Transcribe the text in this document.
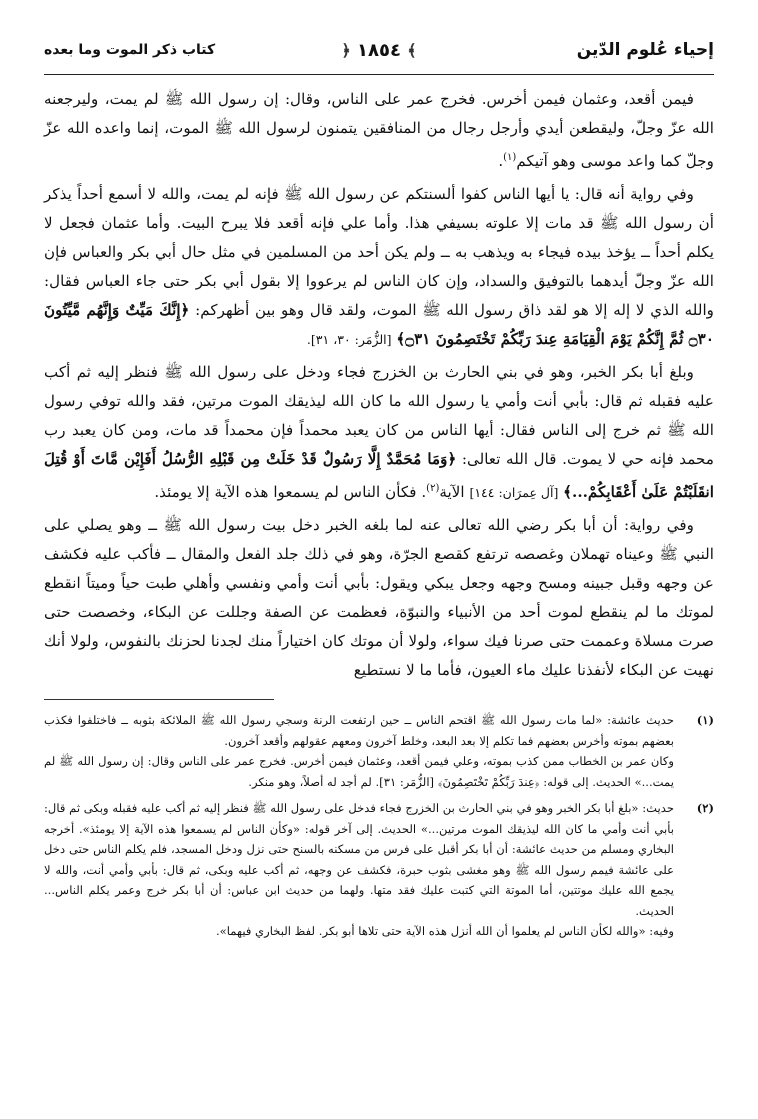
إحياء عُلوم الدّين
﴾ ١٨٥٤ ﴿
كتاب ذكر الموت وما بعده

فيمن أقعد، وعثمان فيمن أخرس. فخرج عمر على الناس، وقال: إن رسول الله ﷺ لم يمت، وليرجعنه الله عزّ وجلّ، وليقطعن أيدي وأرجل رجال من المنافقين يتمنون لرسول الله ﷺ الموت، إنما واعده الله عزّ وجلّ كما واعد موسى وهو آتيكم$^{(١)}$.

وفي رواية أنه قال: يا أيها الناس كفوا ألسنتكم عن رسول الله ﷺ فإنه لم يمت، والله لا أسمع أحداً يذكر أن رسول الله ﷺ قد مات إلا علوته بسيفي هذا. وأما علي فإنه أقعد فلا يبرح البيت. وأما عثمان فجعل لا يكلم أحداً ــ يؤخذ بيده فيجاء به ويذهب به ــ ولم يكن أحد من المسلمين في مثل حال أبي بكر والعباس فإن الله عزّ وجلّ أيدهما بالتوفيق والسداد، وإن كان الناس لم يرعووا إلا بقول أبي بكر حتى جاء العباس فقال: والله الذي لا إله إلا هو لقد ذاق رسول الله ﷺ الموت، ولقد قال وهو بين أظهركم: ﴿إِنَّكَ مَيِّتٌ وَإِنَّهُم مَّيِّتُونَ ۝٣٠ ثُمَّ إِنَّكُمْ يَوْمَ الْقِيَامَةِ عِندَ رَبِّكُمْ تَخْتَصِمُونَ ۝٣١﴾ [الزُّمَر: ٣٠، ٣١].

وبلغ أبا بكر الخبر، وهو في بني الحارث بن الخزرج فجاء ودخل على رسول الله ﷺ فنظر إليه ثم أكب عليه فقبله ثم قال: بأبي أنت وأمي يا رسول الله ما كان الله ليذيقك الموت مرتين، فقد والله توفي رسول الله ﷺ ثم خرج إلى الناس فقال: أيها الناس من كان يعبد محمداً فإن محمداً قد مات، ومن كان يعبد رب محمد فإنه حي لا يموت. قال الله تعالى: ﴿وَمَا مُحَمَّدٌ إِلَّا رَسُولٌ قَدْ خَلَتْ مِن قَبْلِهِ الرُّسُلُ أَفَإِيْن مَّاتَ أَوْ قُتِلَ انقَلَبْتُمْ عَلَىٰ أَعْقَابِكُمْ...﴾ [آل عِمرَان: ١٤٤] الآية$^{(٢)}$. فكأن الناس لم يسمعوا هذه الآية إلا يومئذ.

وفي رواية: أن أبا بكر رضي الله تعالى عنه لما بلغه الخبر دخل بيت رسول الله ﷺ ــ وهو يصلي على النبي ﷺ وعيناه تهملان وغصصه ترتفع كقصع الجرّة، وهو في ذلك جلد الفعل والمقال ــ فأكب عليه فكشف عن وجهه وقبل جبينه ومسح وجهه وجعل يبكي ويقول: بأبي أنت وأمي ونفسي وأهلي طبت حياً وميتاً انقطع لموتك ما لم ينقطع لموت أحد من الأنبياء والنبوّة، فعظمت عن الصفة وجللت عن البكاء، وخصصت حتى صرت مسلاة وعممت حتى صرنا فيك سواء، ولولا أن موتك كان اختياراً منك لجدنا لحزنك بالنفوس، ولولا أنك نهيت عن البكاء لأنفذنا عليك ماء العيون، فأما ما لا نستطيع

(١)

حديث عائشة: «لما مات رسول الله ﷺ اقتحم الناس ــ حين ارتفعت الرنة وسجي رسول الله ﷺ الملائكة بثوبه ــ فاختلفوا فكذب بعضهم بموته وأخرس بعضهم فما تكلم إلا بعد البعد، وخلط آخرون ومعهم عقولهم وأقعد آخرون.

وكان عمر بن الخطاب ممن كذب بموته، وعلي فيمن أقعد، وعثمان فيمن أخرس. فخرج عمر على الناس وقال: إن رسول الله ﷺ لم يمت...» الحديث. إلى قوله: ﴿عِندَ رَبِّكُمْ تَخْتَصِمُونَ﴾ [الزُّمَر: ٣١]. لم أجد له أصلاً، وهو منكر.

(٢)

حديث: «بلغ أبا بكر الخبر وهو في بني الحارث بن الخزرج فجاء فدخل على رسول الله ﷺ فنظر إليه ثم أكب عليه فقبله وبكى ثم قال: بأبي أنت وأمي ما كان الله ليذيقك الموت مرتين...» الحديث. إلى آخر قوله: «وكأن الناس لم يسمعوا هذه الآية إلا يومئذ». أخرجه البخاري ومسلم من حديث عائشة: أن أبا بكر أقبل على فرس من مسكنه بالسنح حتى نزل ودخل المسجد، فلم يكلم الناس حتى دخل على عائشة فيمم رسول الله ﷺ وهو مغشى بثوب حبرة، فكشف عن وجهه، ثم أكب عليه وبكى، ثم قال: بأبي وأمي أنت، والله لا يجمع الله عليك موتتين، أما الموتة التي كتبت عليك فقد متها. ولهما من حديث ابن عباس: أن أبا بكر خرج وعمر يكلم الناس... الحديث.

وفيه: «والله لكأن الناس لم يعلموا أن الله أنزل هذه الآية حتى تلاها أبو بكر. لفظ البخاري فيهما».
